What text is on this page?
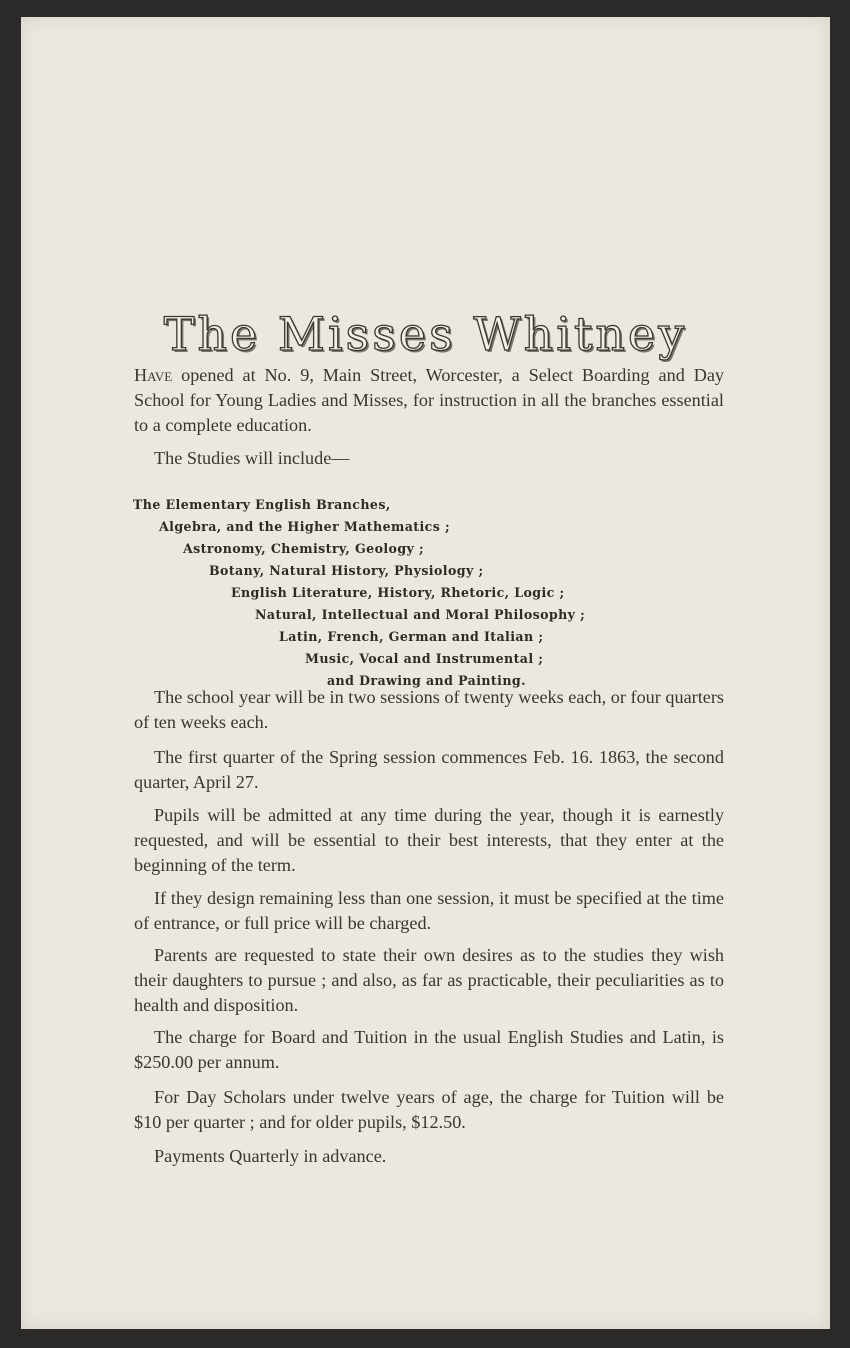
The Misses Whitney

Have opened at No. 9, Main Street, Worcester, a Select Boarding and Day School for Young Ladies and Misses, for instruction in all the branches essential to a complete education.

The Studies will include—

The Elementary English Branches,

Algebra, and the Higher Mathematics ;

Astronomy, Chemistry, Geology ;

Botany, Natural History, Physiology ;

English Literature, History, Rhetoric, Logic ;

Natural, Intellectual and Moral Philosophy ;

Latin, French, German and Italian ;

Music, Vocal and Instrumental ;

and Drawing and Painting.

The school year will be in two sessions of twenty weeks each, or four quarters of ten weeks each.

The first quarter of the Spring session commences Feb. 16. 1863, the second quarter, April 27.

Pupils will be admitted at any time during the year, though it is earnestly requested, and will be essential to their best interests, that they enter at the beginning of the term.

If they design remaining less than one session, it must be specified at the time of entrance, or full price will be charged.

Parents are requested to state their own desires as to the studies they wish their daughters to pursue ; and also, as far as practicable, their peculiarities as to health and disposition.

The charge for Board and Tuition in the usual English Studies and Latin, is $250.00 per annum.

For Day Scholars under twelve years of age, the charge for Tuition will be $10 per quarter ; and for older pupils, $12.50.

Payments Quarterly in advance.
